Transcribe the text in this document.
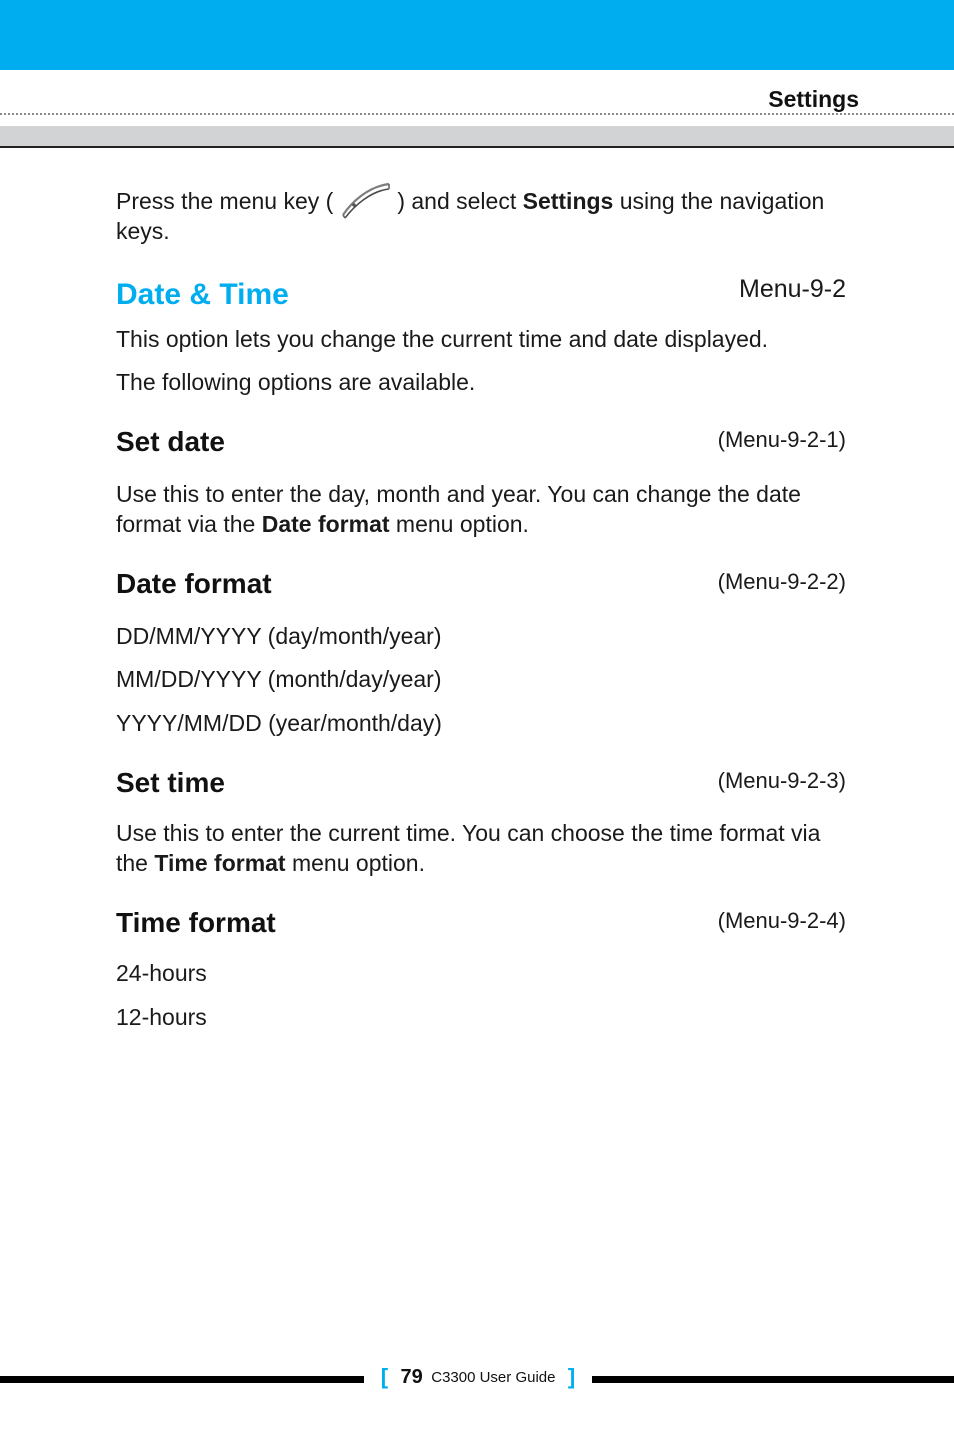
Settings

Press the menu key (	) and select Settings using the navigation keys.

Date & Time	Menu-9-2

This option lets you change the current time and date displayed.

The following options are available.

Set date	(Menu-9-2-1)

Use this to enter the day, month and year. You can change the date format via the Date format menu option.

Date format	(Menu-9-2-2)

DD/MM/YYYY (day/month/year)

MM/DD/YYYY (month/day/year)

YYYY/MM/DD (year/month/day)

Set time	(Menu-9-2-3)

Use this to enter the current time. You can choose the time format via the Time format menu option.

Time format	(Menu-9-2-4)

24-hours

12-hours

[ 79 C3300 User Guide ]
